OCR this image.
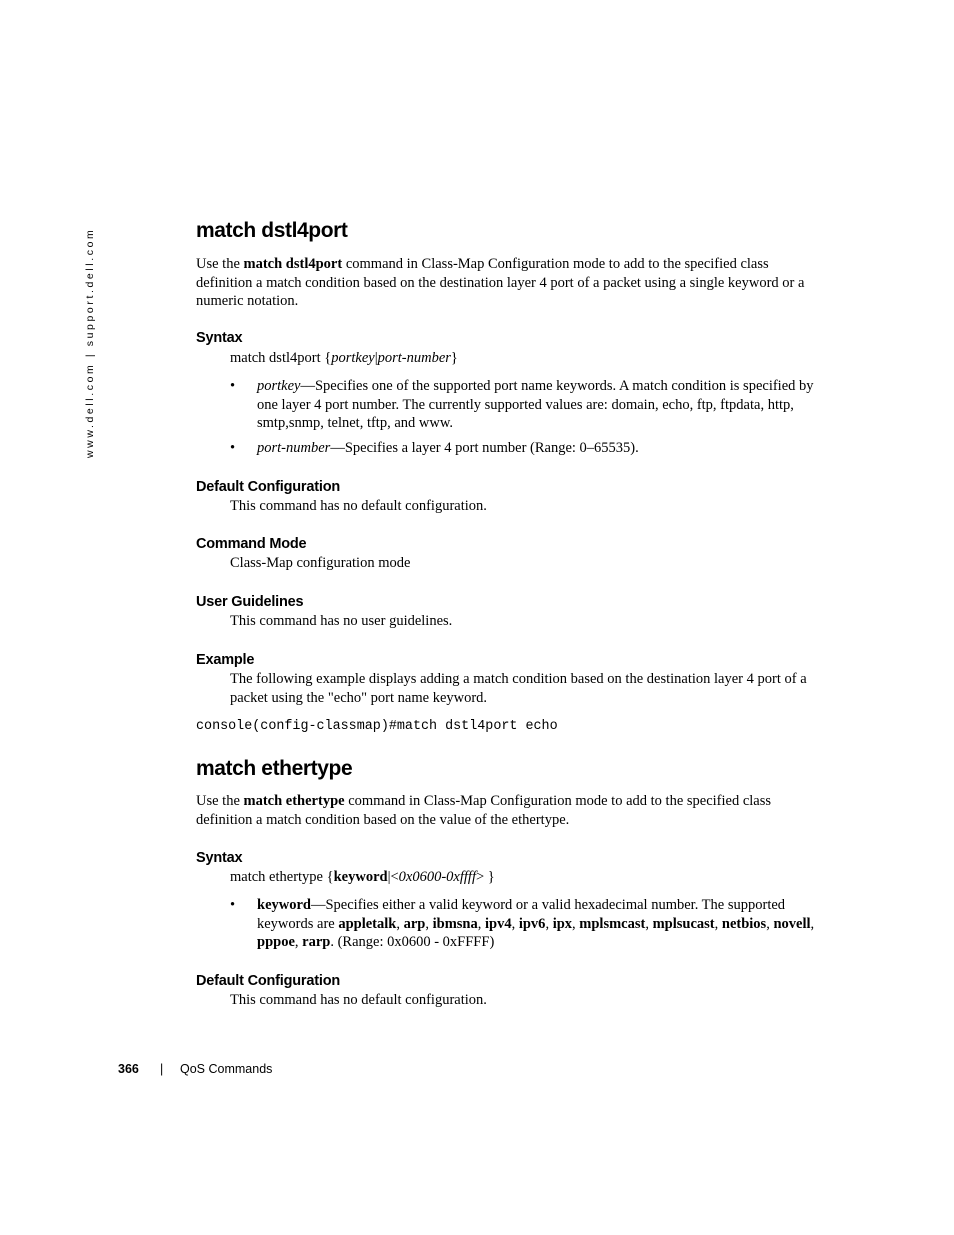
www.dell.com | support.dell.com	match dstl4port

Use the match dstl4port command in Class-Map Configuration mode to add to the specified class definition a match condition based on the destination layer 4 port of a packet using a single keyword or a numeric notation.

Syntax

match dstl4port {portkey|port-number}

• portkey—Specifies one of the supported port name keywords. A match condition is specified by one layer 4 port number. The currently supported values are: domain, echo, ftp, ftpdata, http, smtp,snmp, telnet, tftp, and www.

• port-number—Specifies a layer 4 port number (Range: 0–65535).

Default Configuration

This command has no default configuration.

Command Mode

Class-Map configuration mode

User Guidelines

This command has no user guidelines.

Example

The following example displays adding a match condition based on the destination layer 4 port of a packet using the "echo" port name keyword.

console(config-classmap)#match dstl4port echo

match ethertype

Use the match ethertype command in Class-Map Configuration mode to add to the specified class definition a match condition based on the value of the ethertype.

Syntax

match ethertype {keyword|<0x0600-0xffff> }

• keyword—Specifies either a valid keyword or a valid hexadecimal number. The supported keywords are appletalk, arp, ibmsna, ipv4, ipv6, ipx, mplsmcast, mplsucast, netbios, novell, pppoe, rarp. (Range: 0x0600 - 0xFFFF)

Default Configuration

This command has no default configuration.

366 | QoS Commands
